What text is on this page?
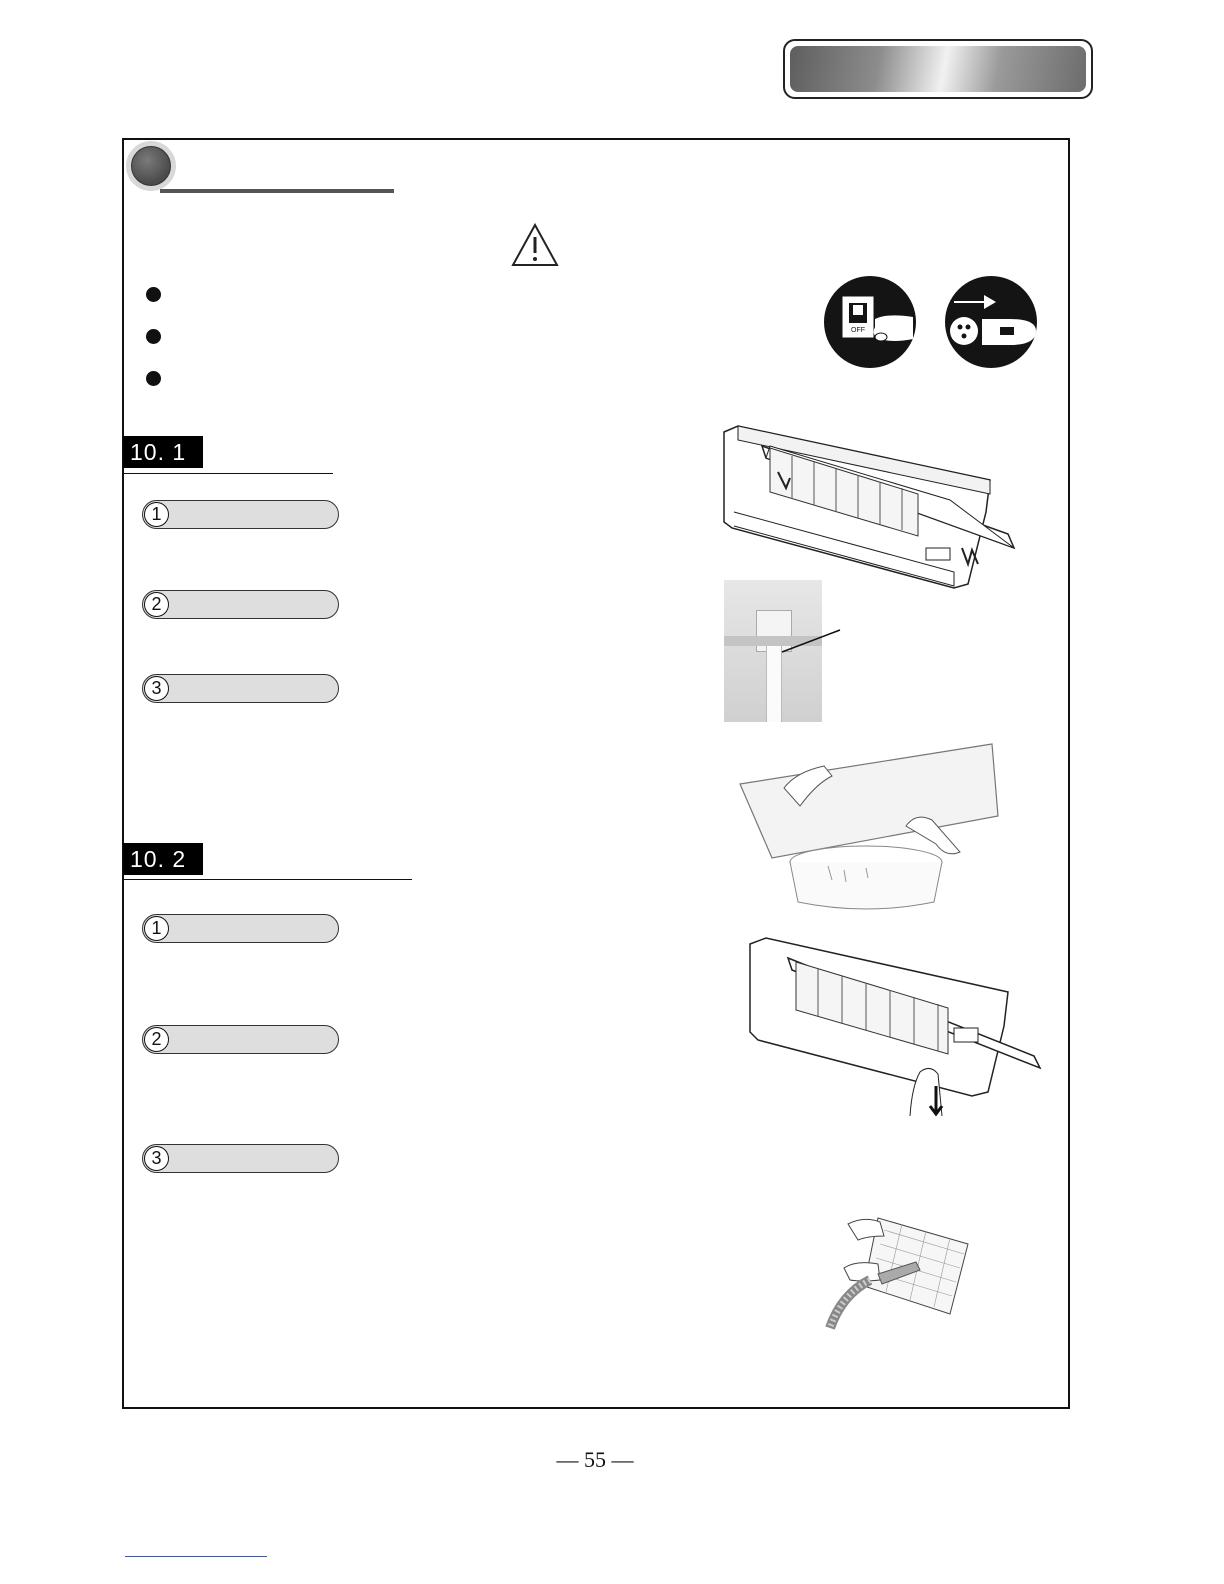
OFF
10. 1
1
2
3
10. 2
1
2
3
— 55 —
